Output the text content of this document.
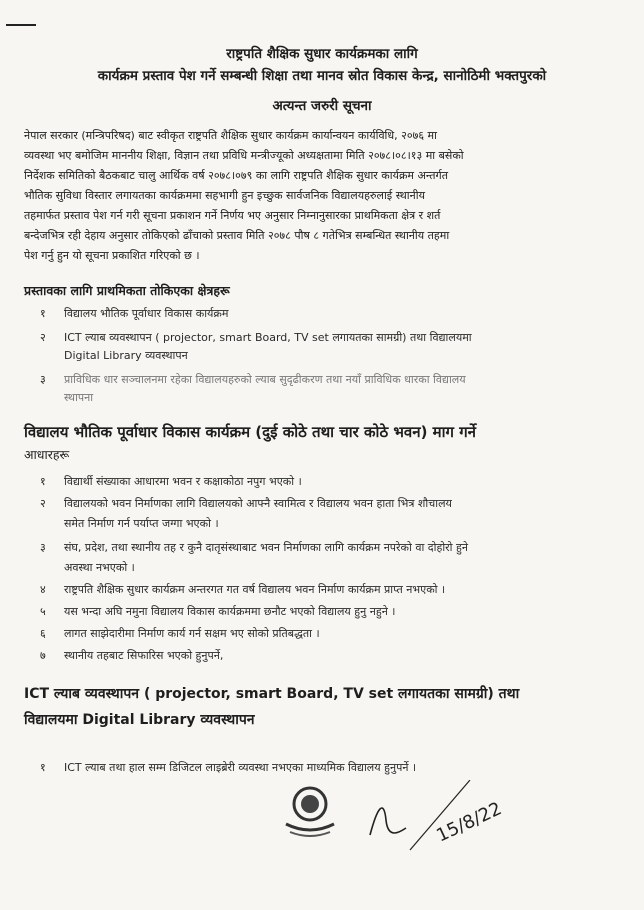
राष्ट्रपति शैक्षिक सुधार कार्यक्रमका लागि
कार्यक्रम प्रस्ताव पेश गर्ने सम्बन्धी शिक्षा तथा मानव स्रोत विकास केन्द्र, सानोठिमी भक्तपुरको
अत्यन्त जरुरी सूचना
नेपाल सरकार (मन्त्रिपरिषद) बाट स्वीकृत राष्ट्रपति शैक्षिक सुधार कार्यक्रम कार्यान्वयन कार्यविधि, २०७६ मा
व्यवस्था भए बमोजिम माननीय शिक्षा, विज्ञान तथा प्रविधि मन्त्रीज्यूको अध्यक्षतामा मिति २०७८।०८।१३ मा बसेको
निर्देशक समितिको बैठकबाट चालु आर्थिक वर्ष २०७८।०७९ का लागि राष्ट्रपति शैक्षिक सुधार कार्यक्रम अन्तर्गत
भौतिक सुविधा विस्तार लगायतका कार्यक्रममा सहभागी हुन इच्छुक सार्वजनिक विद्यालयहरुलाई स्थानीय
तहमार्फत प्रस्ताव पेश गर्न गरी सूचना प्रकाशन गर्ने निर्णय भए अनुसार निम्नानुसारका प्राथमिकता क्षेत्र र शर्त
बन्देजभित्र रही देहाय अनुसार तोकिएको ढाँचाको प्रस्ताव मिति २०७८ पौष ८ गतेभित्र सम्बन्धित स्थानीय तहमा
पेश गर्नु हुन यो सूचना प्रकाशित गरिएको छ ।
प्रस्तावका लागि प्राथमिकता तोकिएका क्षेत्रहरू
१ विद्यालय भौतिक पूर्वाधार विकास कार्यक्रम
२ ICT ल्याब व्यवस्थापन ( projector, smart Board, TV set लगायतका सामग्री) तथा विद्यालयमा
Digital Library व्यवस्थापन
३ प्राविधिक धार सञ्चालनमा रहेका विद्यालयहरुको ल्याब सुदृढीकरण तथा नयाँ प्राविधिक धारका विद्यालय
स्थापना
विद्यालय भौतिक पूर्वाधार विकास कार्यक्रम (दुई कोठे तथा चार कोठे भवन) माग गर्ने
आधारहरू
१ विद्यार्थी संख्याका आधारमा भवन र कक्षाकोठा नपुग भएको ।
२ विद्यालयको भवन निर्माणका लागि विद्यालयको आफ्नै स्वामित्व र विद्यालय भवन हाता भित्र शौचालय
समेत निर्माण गर्न पर्याप्त जग्गा भएको ।
३ संघ, प्रदेश, तथा स्थानीय तह र कुनै दातृसंस्थाबाट भवन निर्माणका लागि कार्यक्रम नपरेको वा दोहोरो हुने
अवस्था नभएको ।
४ राष्ट्रपति शैक्षिक सुधार कार्यक्रम अन्तरगत गत वर्ष विद्यालय भवन निर्माण कार्यक्रम प्राप्त नभएको ।
५ यस भन्दा अघि नमुना विद्यालय विकास कार्यक्रममा छनौट भएको विद्यालय हुनु नहुने ।
६ लागत साझेदारीमा निर्माण कार्य गर्न सक्षम भए सोको प्रतिबद्धता ।
७ स्थानीय तहबाट सिफारिस भएको हुनुपर्ने,
ICT ल्याब व्यवस्थापन ( projector, smart Board, TV set लगायतका सामग्री) तथा
विद्यालयमा Digital Library व्यवस्थापन
१ ICT ल्याब तथा हाल सम्म डिजिटल लाइब्रेरी व्यवस्था नभएका माध्यमिक विद्यालय हुनुपर्ने ।
15/8/22
